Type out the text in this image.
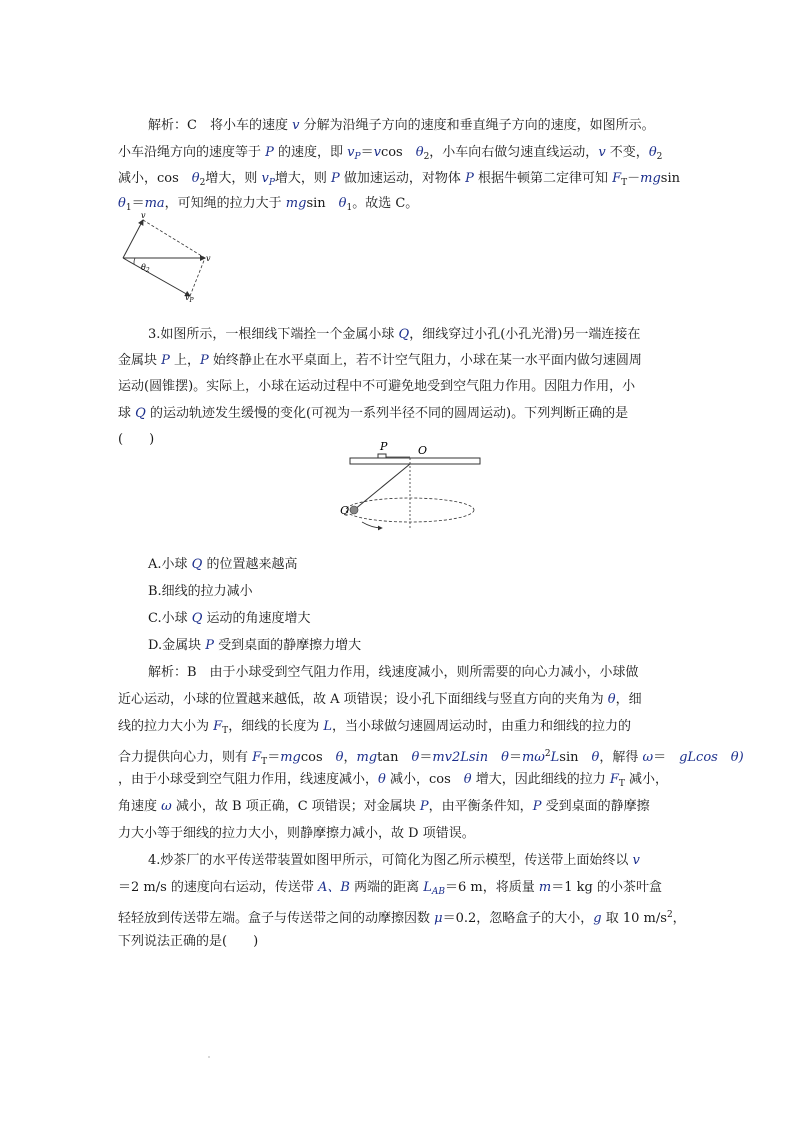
解析：C　将小车的速度 v 分解为沿绳子方向的速度和垂直绳子方向的速度，如图所示。
小车沿绳方向的速度等于 P 的速度，即 $v_P=vcos$　$\theta_2$，小车向右做匀速直线运动，v 不变，$\theta_2$
减小，cos　$\theta_2$增大，则 $v_P$增大，则 P 做加速运动，对物体 P 根据牛顿第二定律可知 $F_T-mgsin$
$\theta_1=ma$，可知绳的拉力大于 mgsin　$\theta_1$。故选 C。
v
v
$\theta_2$
$v_P$
3.如图所示，一根细线下端拴一个金属小球 Q，细线穿过小孔(小孔光滑)另一端连接在
金属块 P 上，P 始终静止在水平桌面上，若不计空气阻力，小球在某一水平面内做匀速圆周
运动(圆锥摆)。实际上，小球在运动过程中不可避免地受到空气阻力作用。因阻力作用，小
球 Q 的运动轨迹发生缓慢的变化(可视为一系列半径不同的圆周运动)。下列判断正确的是
(　　)	P	O
Q
A.小球 Q 的位置越来越高
B.细线的拉力减小
C.小球 Q 运动的角速度增大
D.金属块 P 受到桌面的静摩擦力增大
解析：B　由于小球受到空气阻力作用，线速度减小，则所需要的向心力减小，小球做
近心运动，小球的位置越来越低，故 A 项错误；设小孔下面细线与竖直方向的夹角为 θ，细
线的拉力大小为 $F_T$，细线的长度为 L，当小球做匀速圆周运动时，由重力和细线的拉力的
合力提供向心力，则有 $F_T=mgcos$　θ，mgtan　θ＝mv2Lsin　$\theta=m\omega^2Lsin$　θ，解得 ω＝　gLcos　θ)
，由于小球受到空气阻力作用，线速度减小，θ 减小，cos　θ 增大，因此细线的拉力 $F_T$ 减小，
角速度 ω 减小，故 B 项正确，C 项错误；对金属块 P，由平衡条件知，P 受到桌面的静摩擦
力大小等于细线的拉力大小，则静摩擦力减小，故 D 项错误。
4.炒茶厂的水平传送带装置如图甲所示，可简化为图乙所示模型，传送带上面始终以 v
＝2 m/s 的速度向右运动，传送带 A、B 两端的距离 $L_{AB}=6$ m，将质量 m＝1 kg 的小茶叶盒
轻轻放到传送带左端。盒子与传送带之间的动摩擦因数 μ＝0.2，忽略盒子的大小，g 取 10 $m/s^2$，
下列说法正确的是(　　)
